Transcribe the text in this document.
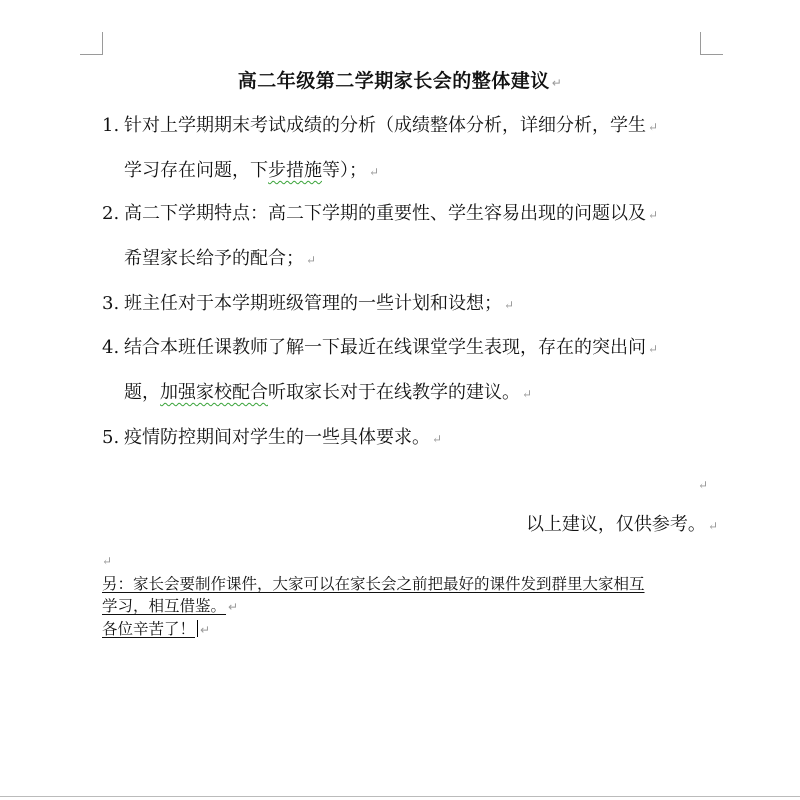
高二年级第二学期家长会的整体建议 ↵
1. 针对上学期期末考试成绩的分析（成绩整体分析，详细分析，学生 ↵
学习存在问题，下步措施等）； ↵
2. 高二下学期特点：高二下学期的重要性、学生容易出现的问题以及 ↵
希望家长给予的配合； ↵
3. 班主任对于本学期班级管理的一些计划和设想； ↵
4. 结合本班任课教师了解一下最近在线课堂学生表现，存在的突出问 ↵
题，加强家校配合听取家长对于在线教学的建议。 ↵
5. 疫情防控期间对学生的一些具体要求。 ↵
↵
以上建议，仅供参考。 ↵
↵
另：家长会要制作课件，大家可以在家长会之前把最好的课件发到群里大家相互
学习，相互借鉴。 ↵
各位辛苦了！ ↵
